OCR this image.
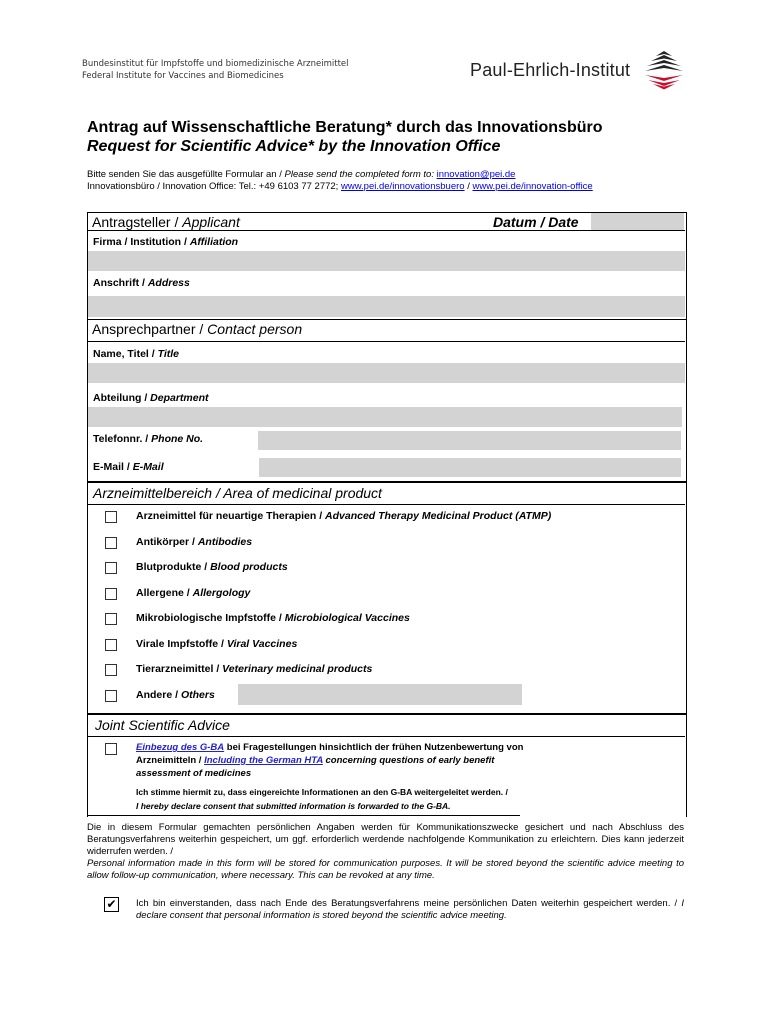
Bundesinstitut für Impfstoffe und biomedizinische Arzneimittel
Federal Institute for Vaccines and Biomedicines	Paul-Ehrlich-Institut
Antrag auf Wissenschaftliche Beratung* durch das Innovationsbüro
Request for Scientific Advice* by the Innovation Office
Bitte senden Sie das ausgefüllte Formular an / Please send the completed form to: innovation@pei.de
Innovationsbüro / Innovation Office: Tel.: +49 6103 77 2772; www.pei.de/innovationsbuero / www.pei.de/innovation-office
Antragsteller / Applicant	Datum / Date
Firma / Institution / Affiliation
Anschrift / Address
Ansprechpartner / Contact person
Name, Titel / Title
Abteilung / Department
Telefonnr. / Phone No.
E-Mail / E-Mail
Arzneimittelbereich / Area of medicinal product
Arzneimittel für neuartige Therapien / Advanced Therapy Medicinal Product (ATMP)
Antikörper / Antibodies
Blutprodukte / Blood products
Allergene / Allergology
Mikrobiologische Impfstoffe / Microbiological Vaccines
Virale Impfstoffe / Viral Vaccines
Tierarzneimittel / Veterinary medicinal products
Andere / Others
Joint Scientific Advice
Einbezug des G-BA bei Fragestellungen hinsichtlich der frühen Nutzenbewertung von
Arzneimitteln / Including the German HTA concerning questions of early benefit
assessment of medicines
Ich stimme hiermit zu, dass eingereichte Informationen an den G-BA weitergeleitet werden. /
I hereby declare consent that submitted information is forwarded to the G-BA.
Die in diesem Formular gemachten persönlichen Angaben werden für Kommunikationszwecke gesichert und nach Abschluss des Beratungsverfahrens weiterhin gespeichert, um ggf. erforderlich werdende nachfolgende Kommunikation zu erleichtern. Dies kann jederzeit widerrufen werden. /
Personal information made in this form will be stored for communication purposes. It will be stored beyond the scientific advice meeting to allow follow-up communication, where necessary. This can be revoked at any time.
✔ Ich bin einverstanden, dass nach Ende des Beratungsverfahrens meine persönlichen Daten weiterhin gespeichert werden. / I declare consent that personal information is stored beyond the scientific advice meeting.
